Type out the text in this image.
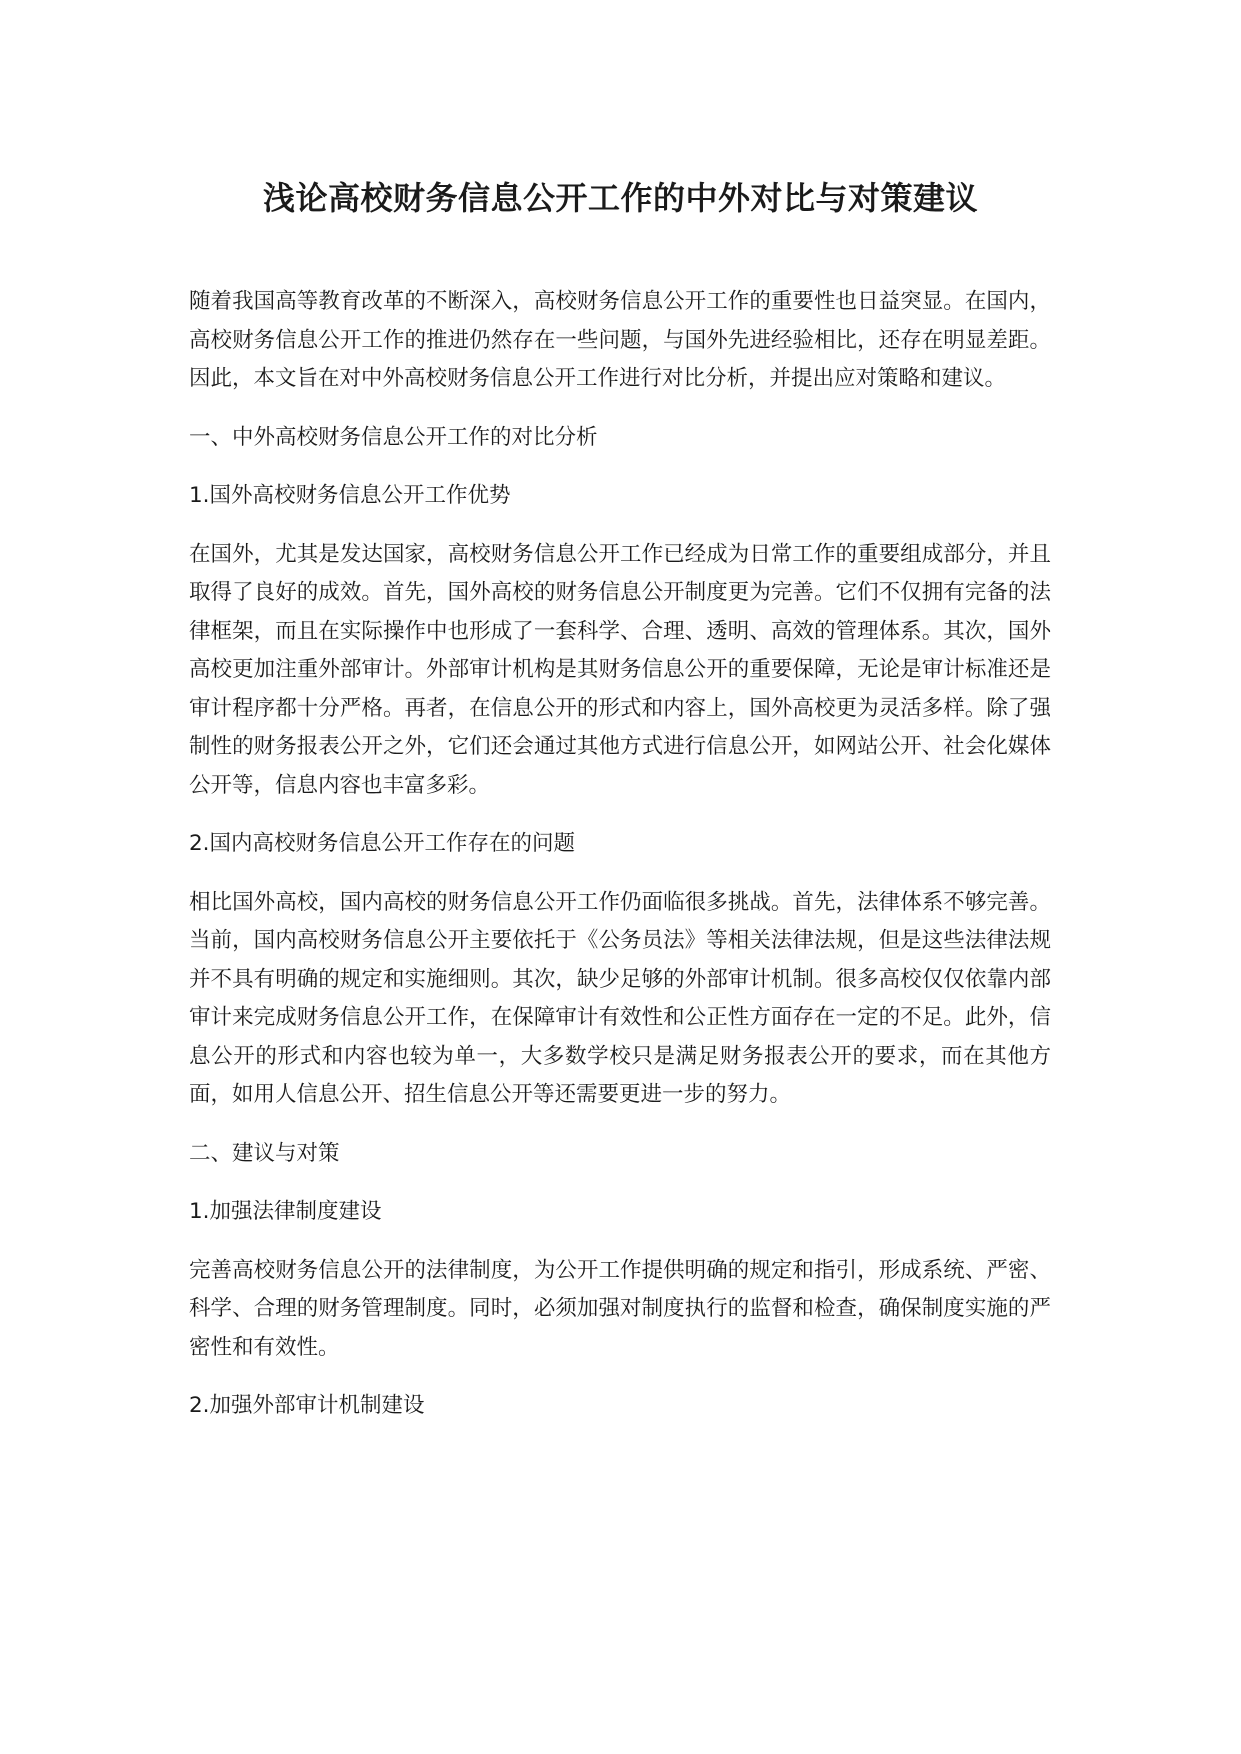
浅论高校财务信息公开工作的中外对比与对策建议

随着我国高等教育改革的不断深入，高校财务信息公开工作的重要性也日益突显。在国内，高校财务信息公开工作的推进仍然存在一些问题，与国外先进经验相比，还存在明显差距。因此，本文旨在对中外高校财务信息公开工作进行对比分析，并提出应对策略和建议。

一、中外高校财务信息公开工作的对比分析

1.国外高校财务信息公开工作优势

在国外，尤其是发达国家，高校财务信息公开工作已经成为日常工作的重要组成部分，并且取得了良好的成效。首先，国外高校的财务信息公开制度更为完善。它们不仅拥有完备的法律框架，而且在实际操作中也形成了一套科学、合理、透明、高效的管理体系。其次，国外高校更加注重外部审计。外部审计机构是其财务信息公开的重要保障，无论是审计标准还是审计程序都十分严格。再者，在信息公开的形式和内容上，国外高校更为灵活多样。除了强制性的财务报表公开之外，它们还会通过其他方式进行信息公开，如网站公开、社会化媒体公开等，信息内容也丰富多彩。

2.国内高校财务信息公开工作存在的问题

相比国外高校，国内高校的财务信息公开工作仍面临很多挑战。首先，法律体系不够完善。当前，国内高校财务信息公开主要依托于《公务员法》等相关法律法规，但是这些法律法规并不具有明确的规定和实施细则。其次，缺少足够的外部审计机制。很多高校仅仅依靠内部审计来完成财务信息公开工作，在保障审计有效性和公正性方面存在一定的不足。此外，信息公开的形式和内容也较为单一，大多数学校只是满足财务报表公开的要求，而在其他方面，如用人信息公开、招生信息公开等还需要更进一步的努力。

二、建议与对策

1.加强法律制度建设

完善高校财务信息公开的法律制度，为公开工作提供明确的规定和指引，形成系统、严密、科学、合理的财务管理制度。同时，必须加强对制度执行的监督和检查，确保制度实施的严密性和有效性。

2.加强外部审计机制建设
